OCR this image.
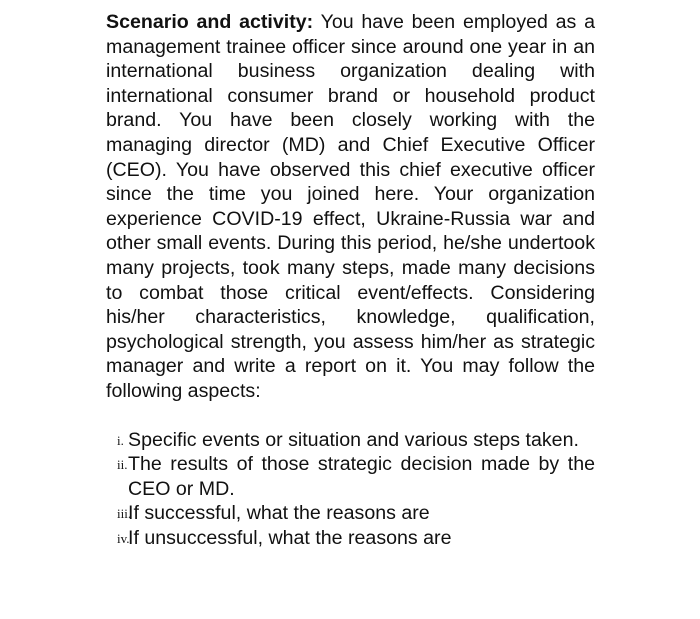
Scenario and activity: You have been employed as a management trainee officer since around one year in an international business organization dealing with international consumer brand or household product brand. You have been closely working with the managing director (MD) and Chief Executive Officer (CEO). You have observed this chief executive officer since the time you joined here. Your organization experience COVID-19 effect, Ukraine-Russia war and other small events. During this period, he/she undertook many projects, took many steps, made many decisions to combat those critical event/effects. Considering his/her characteristics, knowledge, qualification, psychological strength, you assess him/her as strategic manager and write a report on it. You may follow the following aspects:

i. Specific events or situation and various steps taken.
ii. The results of those strategic decision made by the CEO or MD.
iii.
If successful, what the reasons are
iv.
If unsuccessful, what the reasons are
